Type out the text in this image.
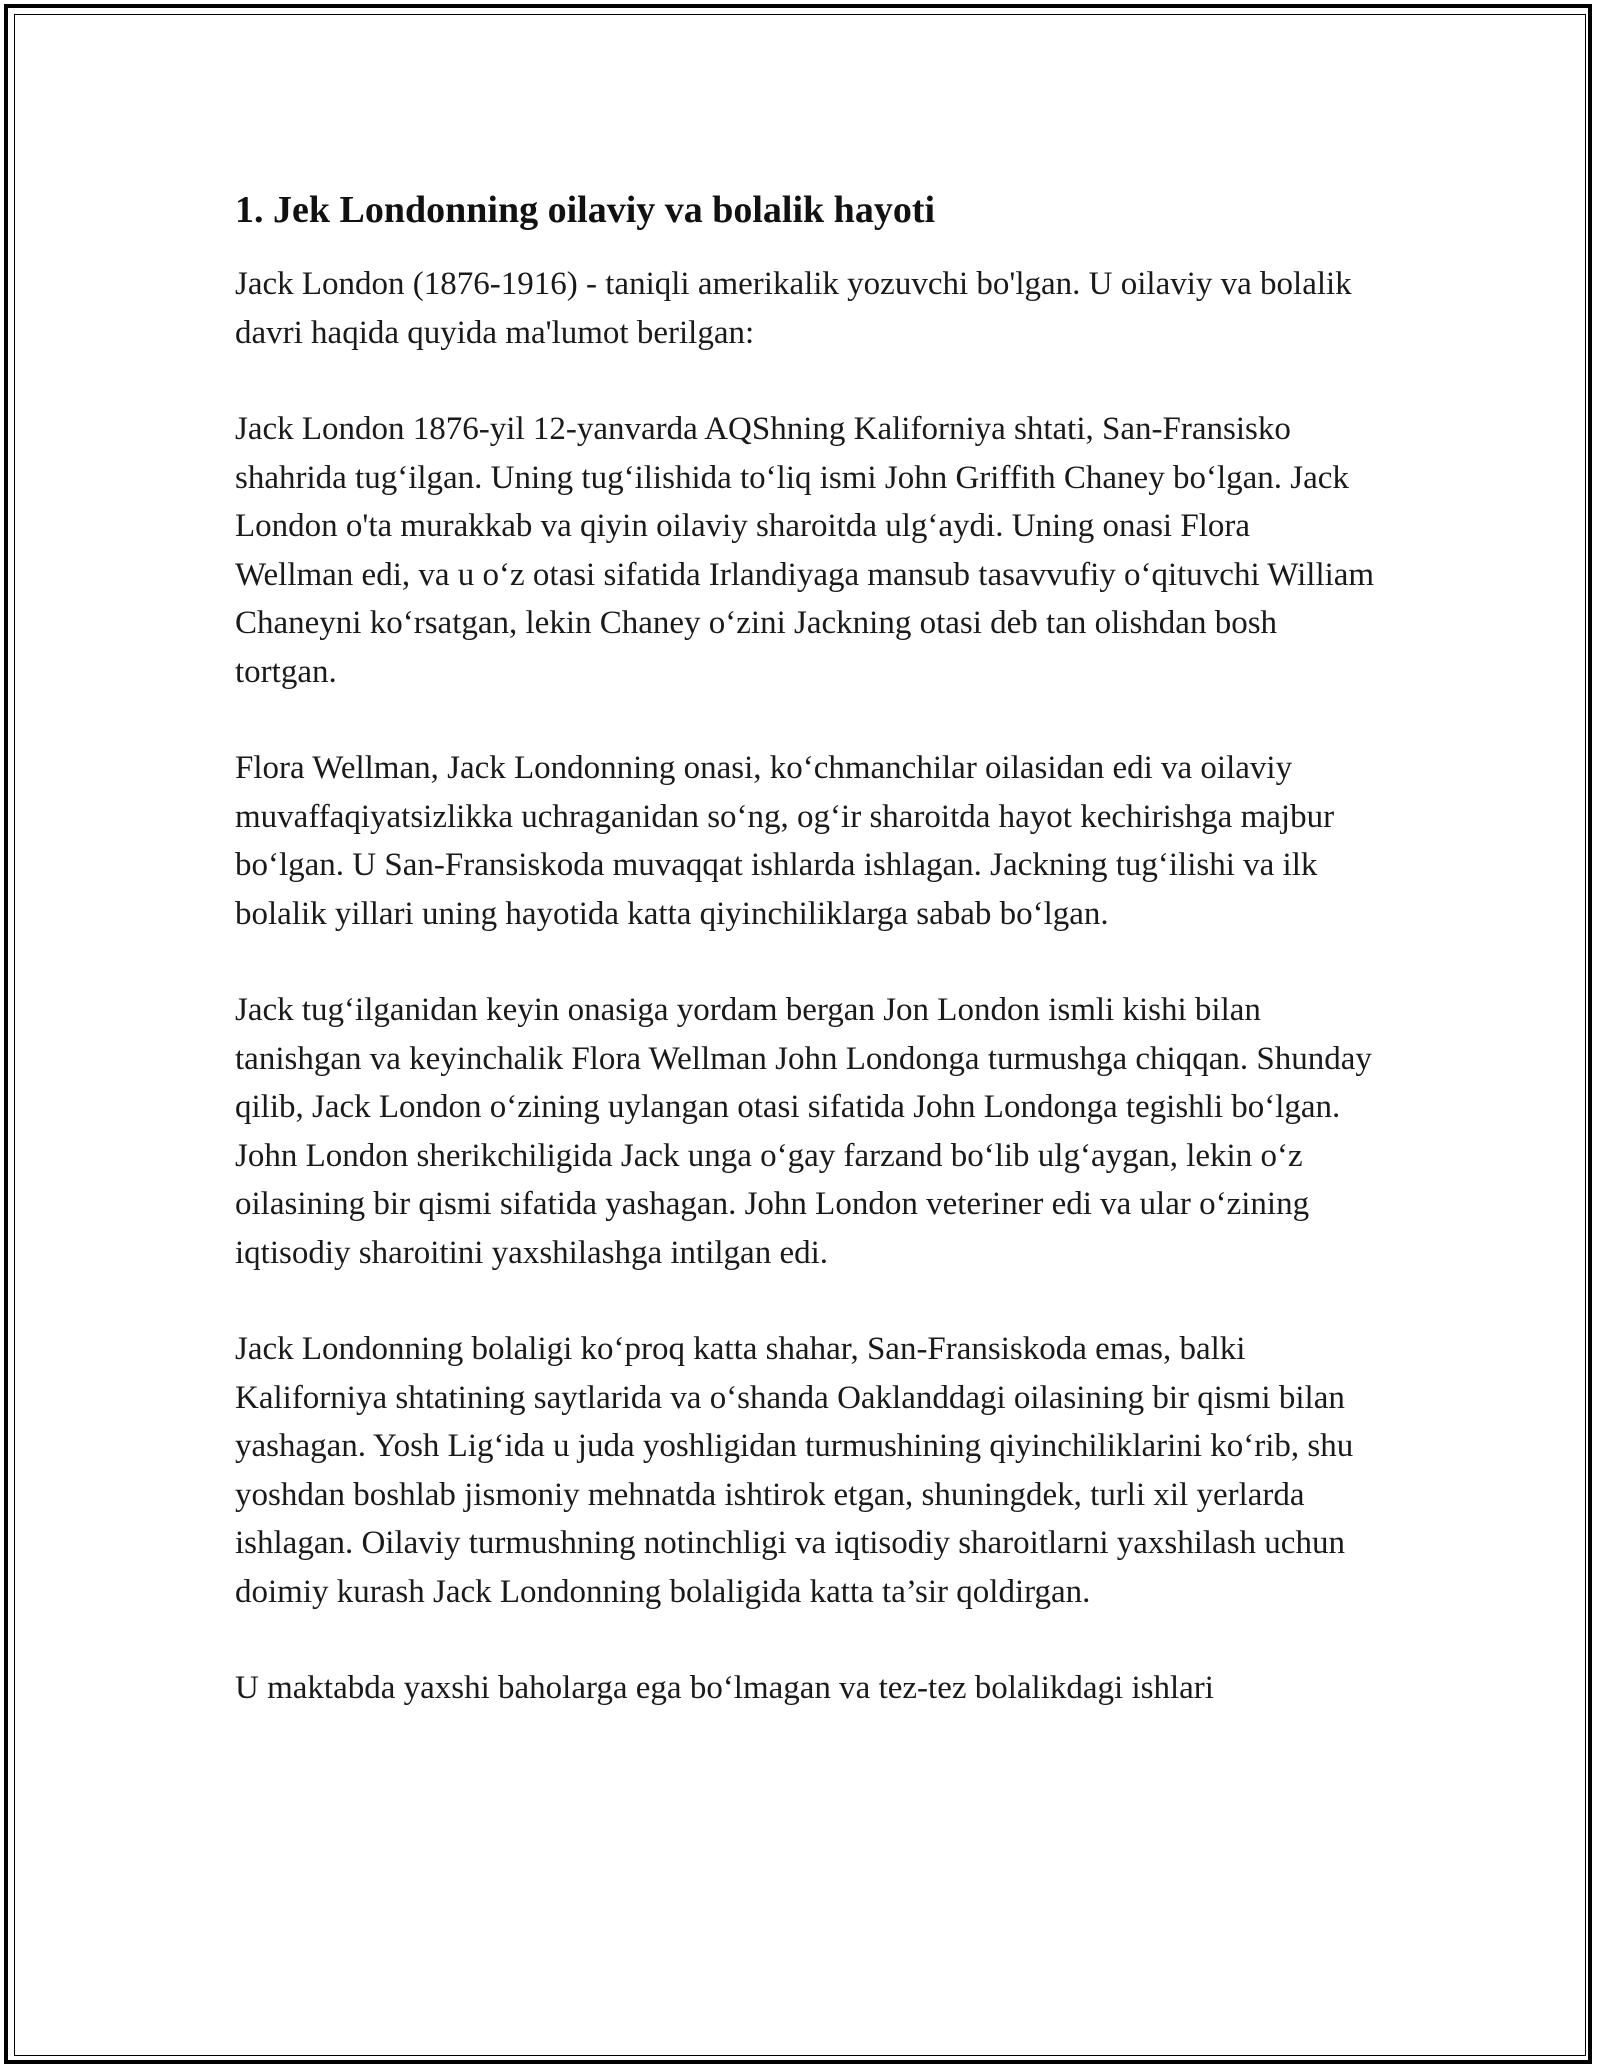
1. Jek Londonning oilaviy va bolalik hayoti

Jack London (1876-1916) - taniqli amerikalik yozuvchi bo'lgan. U oilaviy va bolalik davri haqida quyida ma'lumot berilgan:

Jack London 1876-yil 12-yanvarda AQShning Kaliforniya shtati, San-Fransisko shahrida tug‘ilgan. Uning tug‘ilishida to‘liq ismi John Griffith Chaney bo‘lgan. Jack London o'ta murakkab va qiyin oilaviy sharoitda ulg‘aydi. Uning onasi Flora Wellman edi, va u o‘z otasi sifatida Irlandiyaga mansub tasavvufiy o‘qituvchi William Chaneyni ko‘rsatgan, lekin Chaney o‘zini Jackning otasi deb tan olishdan bosh tortgan.

Flora Wellman, Jack Londonning onasi, ko‘chmanchilar oilasidan edi va oilaviy muvaffaqiyatsizlikka uchraganidan so‘ng, og‘ir sharoitda hayot kechirishga majbur bo‘lgan. U San-Fransiskoda muvaqqat ishlarda ishlagan. Jackning tug‘ilishi va ilk bolalik yillari uning hayotida katta qiyinchiliklarga sabab bo‘lgan.

Jack tug‘ilganidan keyin onasiga yordam bergan Jon London ismli kishi bilan tanishgan va keyinchalik Flora Wellman John Londonga turmushga chiqqan. Shunday qilib, Jack London o‘zining uylangan otasi sifatida John Londonga tegishli bo‘lgan. John London sherikchiligida Jack unga o‘gay farzand bo‘lib ulg‘aygan, lekin o‘z oilasining bir qismi sifatida yashagan. John London veteriner edi va ular o‘zining iqtisodiy sharoitini yaxshilashga intilgan edi.

Jack Londonning bolaligi ko‘proq katta shahar, San-Fransiskoda emas, balki Kaliforniya shtatining saytlarida va o‘shanda Oaklanddagi oilasining bir qismi bilan yashagan. Yosh Lig‘ida u juda yoshligidan turmushining qiyinchiliklarini ko‘rib, shu yoshdan boshlab jismoniy mehnatda ishtirok etgan, shuningdek, turli xil yerlarda ishlagan. Oilaviy turmushning notinchligi va iqtisodiy sharoitlarni yaxshilash uchun doimiy kurash Jack Londonning bolaligida katta ta’sir qoldirgan.

U maktabda yaxshi baholarga ega bo‘lmagan va tez-tez bolalikdagi ishlari
